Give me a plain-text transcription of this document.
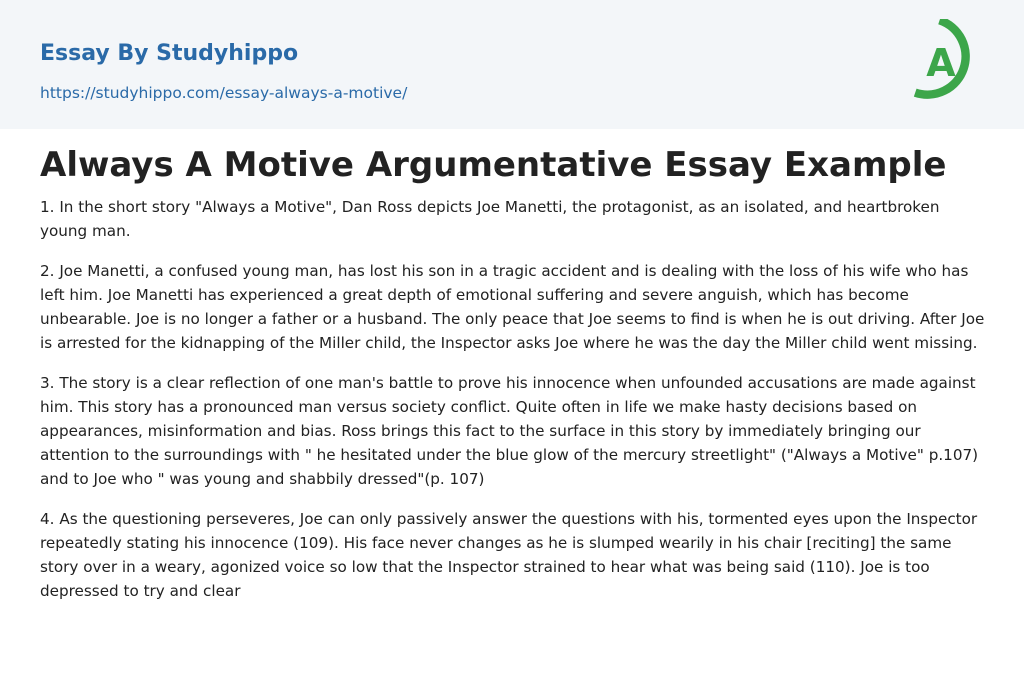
Essay By Studyhippo
https://studyhippo.com/essay-always-a-motive/
A
Always A Motive Argumentative Essay Example

1. In the short story "Always a Motive", Dan Ross depicts Joe Manetti, the protagonist, as an isolated, and heartbroken young man.

2. Joe Manetti, a confused young man, has lost his son in a tragic accident and is dealing with the loss of his wife who has left him. Joe Manetti has experienced a great depth of emotional suffering and severe anguish, which has become unbearable. Joe is no longer a father or a husband. The only peace that Joe seems to find is when he is out driving. After Joe is arrested for the kidnapping of the Miller child, the Inspector asks Joe where he was the day the Miller child went missing.

3. The story is a clear reflection of one man's battle to prove his innocence when unfounded accusations are made against him. This story has a pronounced man versus society conflict. Quite often in life we make hasty decisions based on appearances, misinformation and bias. Ross brings this fact to the surface in this story by immediately bringing our attention to the surroundings with " he hesitated under the blue glow of the mercury streetlight" ("Always a Motive" p.107) and to Joe who " was young and shabbily dressed"(p. 107)

4. As the questioning perseveres, Joe can only passively answer the questions with his, tormented eyes upon the Inspector repeatedly stating his innocence (109). His face never changes as he is slumped wearily in his chair [reciting] the same story over in a weary, agonized voice so low that the Inspector strained to hear what was being said (110). Joe is too depressed to try and clear
